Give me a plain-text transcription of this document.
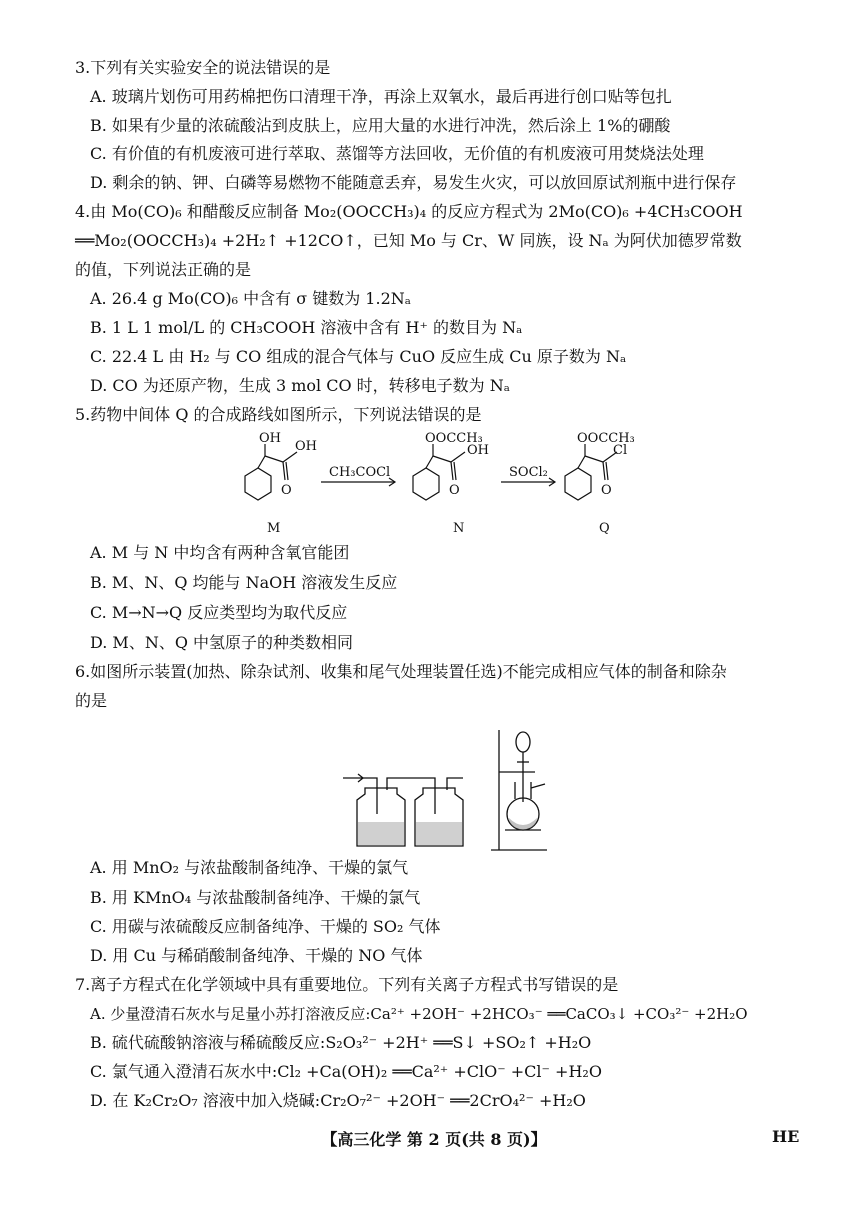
3.下列有关实验安全的说法错误的是
A. 玻璃片划伤可用药棉把伤口清理干净，再涂上双氧水，最后再进行创口贴等包扎
B. 如果有少量的浓硫酸沾到皮肤上，应用大量的水进行冲洗，然后涂上 1%的硼酸
C. 有价值的有机废液可进行萃取、蒸馏等方法回收，无价值的有机废液可用焚烧法处理
D. 剩余的钠、钾、白磷等易燃物不能随意丢弃，易发生火灾，可以放回原试剂瓶中进行保存
4.由 Mo(CO)₆ 和醋酸反应制备 Mo₂(OOCCH₃)₄ 的反应方程式为 2Mo(CO)₆ +4CH₃COOH
══Mo₂(OOCCH₃)₄ +2H₂↑ +12CO↑，已知 Mo 与 Cr、W 同族，设 Nₐ 为阿伏加德罗常数
的值，下列说法正确的是
A. 26.4 g Mo(CO)₆ 中含有 σ 键数为 1.2Nₐ
B. 1 L 1 mol/L 的 CH₃COOH 溶液中含有 H⁺ 的数目为 Nₐ
C. 22.4 L 由 H₂ 与 CO 组成的混合气体与 CuO 反应生成 Cu 原子数为 Nₐ
D. CO 为还原产物，生成 3 mol CO 时，转移电子数为 Nₐ
5.药物中间体 Q 的合成路线如图所示，下列说法错误的是
OH
OH
O
M
CH₃COCl
OOCCH₃
OH
O
N
SOCl₂
OOCCH₃
Cl
O
Q
A. M 与 N 中均含有两种含氧官能团
B. M、N、Q 均能与 NaOH 溶液发生反应
C. M→N→Q 反应类型均为取代反应
D. M、N、Q 中氢原子的种类数相同
6.如图所示装置(加热、除杂试剂、收集和尾气处理装置任选)不能完成相应气体的制备和除杂
的是
A. 用 MnO₂ 与浓盐酸制备纯净、干燥的氯气
B. 用 KMnO₄ 与浓盐酸制备纯净、干燥的氯气
C. 用碳与浓硫酸反应制备纯净、干燥的 SO₂ 气体
D. 用 Cu 与稀硝酸制备纯净、干燥的 NO 气体
7.离子方程式在化学领域中具有重要地位。下列有关离子方程式书写错误的是
A. 少量澄清石灰水与足量小苏打溶液反应:Ca²⁺ +2OH⁻ +2HCO₃⁻ ══CaCO₃↓ +CO₃²⁻ +2H₂O
B. 硫代硫酸钠溶液与稀硫酸反应:S₂O₃²⁻ +2H⁺ ══S↓ +SO₂↑ +H₂O
C. 氯气通入澄清石灰水中:Cl₂ +Ca(OH)₂ ══Ca²⁺ +ClO⁻ +Cl⁻ +H₂O
D. 在 K₂Cr₂O₇ 溶液中加入烧碱:Cr₂O₇²⁻ +2OH⁻ ══2CrO₄²⁻ +H₂O
【高三化学 第 2 页(共 8 页)】	HE
